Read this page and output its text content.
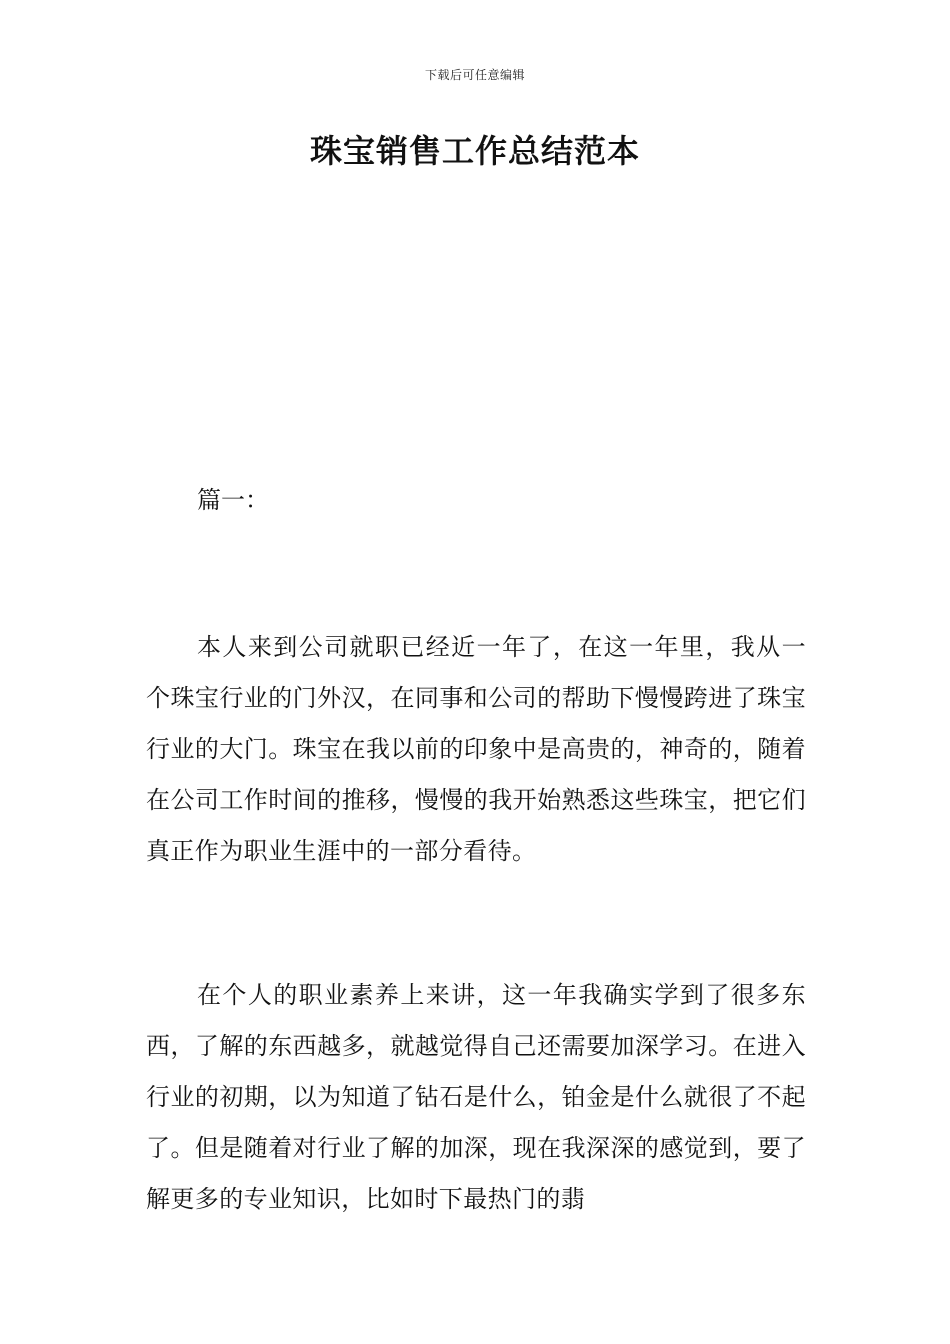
下载后可任意编辑
珠宝销售工作总结范本

篇一：

本人来到公司就职已经近一年了，在这一年里，我从一个珠宝行业的门外汉，在同事和公司的帮助下慢慢跨进了珠宝行业的大门。珠宝在我以前的印象中是高贵的，神奇的，随着在公司工作时间的推移，慢慢的我开始熟悉这些珠宝，把它们真正作为职业生涯中的一部分看待。

在个人的职业素养上来讲，这一年我确实学到了很多东西，了解的东西越多，就越觉得自己还需要加深学习。在进入行业的初期，以为知道了钻石是什么，铂金是什么就很了不起了。但是随着对行业了解的加深，现在我深深的感觉到，要了解更多的专业知识，比如时下最热门的翡
